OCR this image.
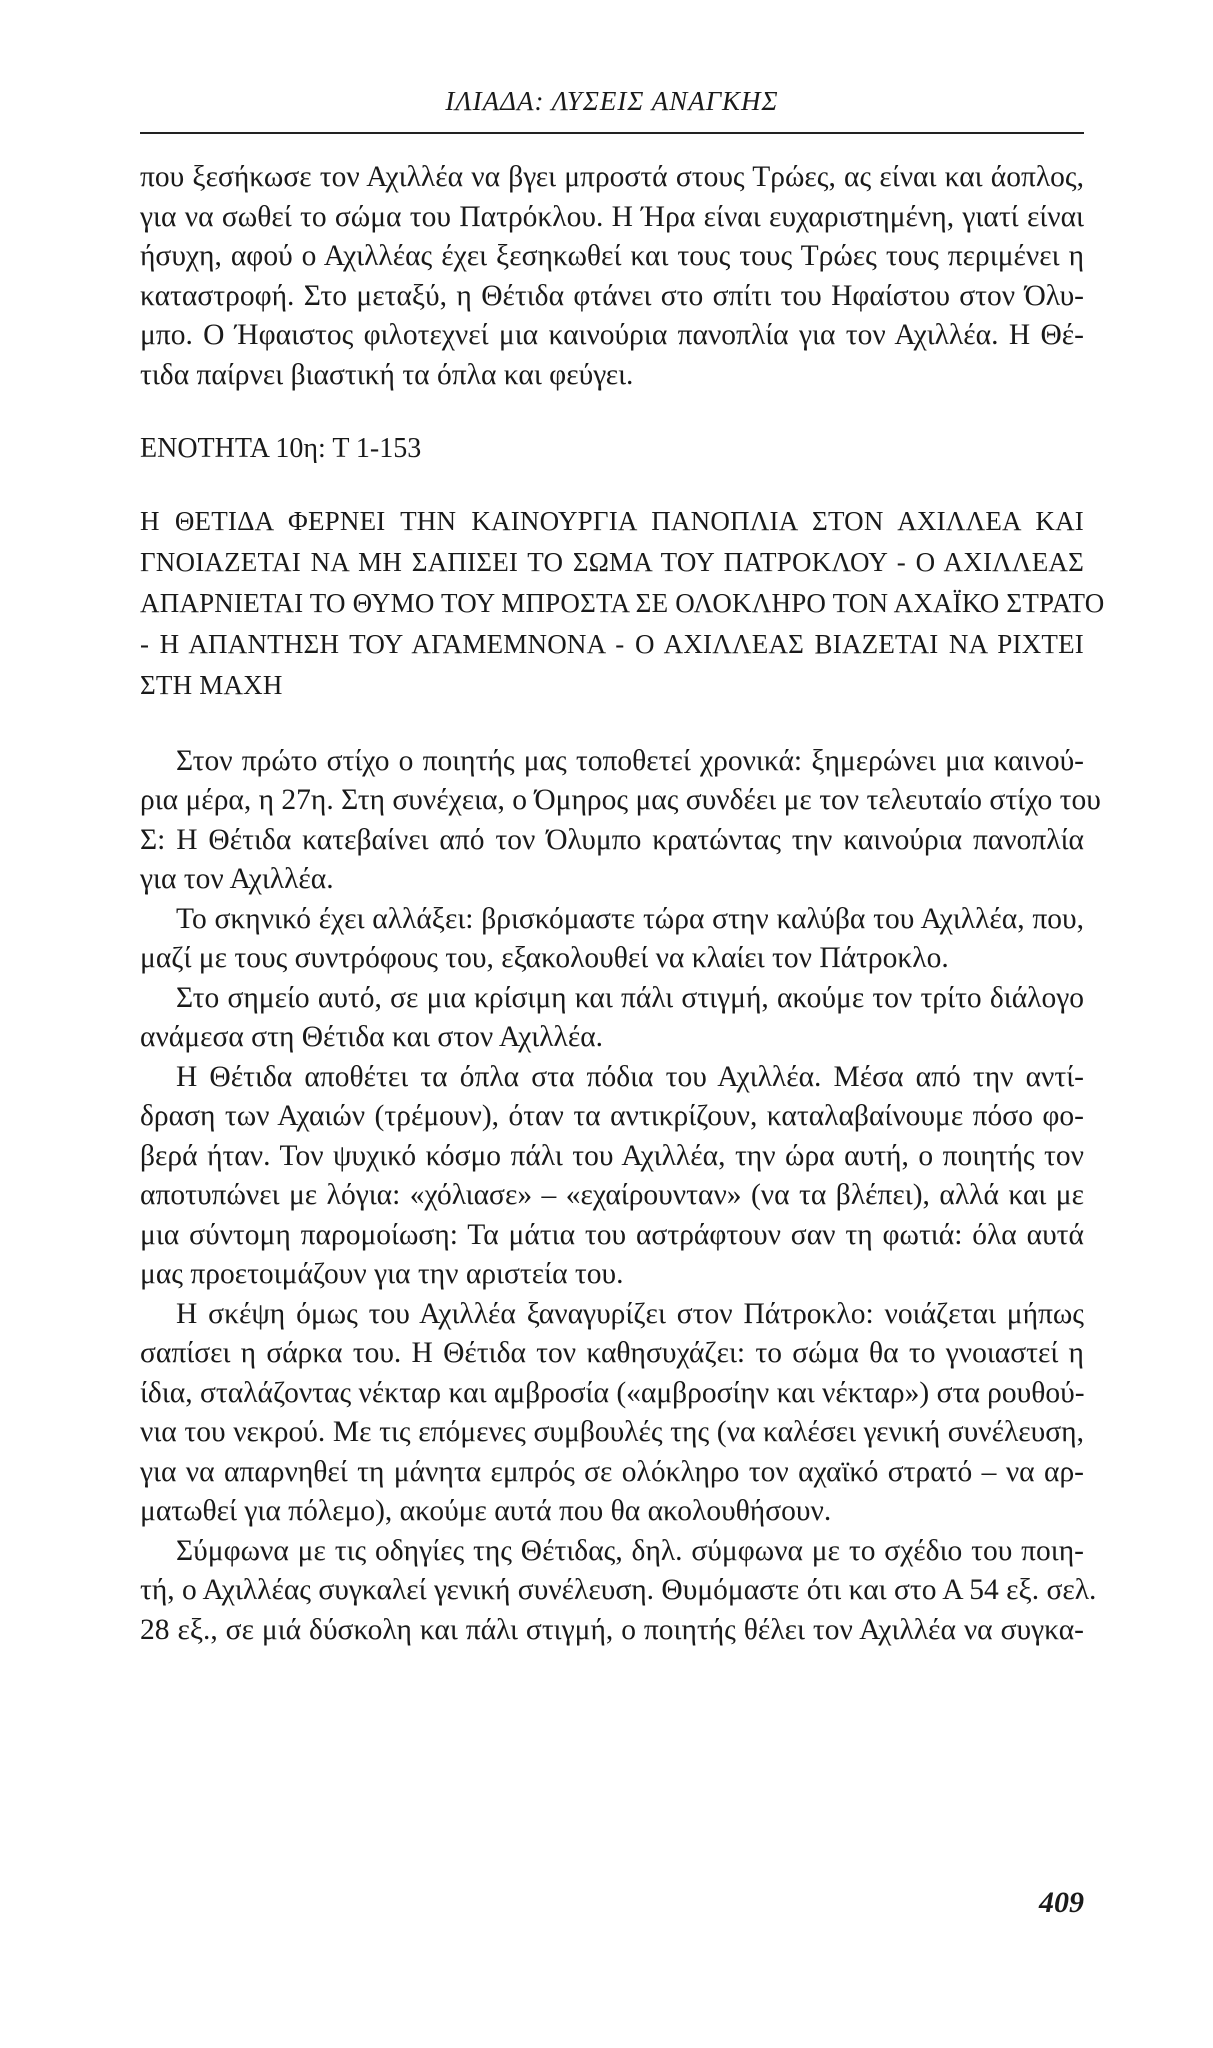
ΙΛΙΑΔΑ: ΛΥΣΕΙΣ ΑΝΑΓΚΗΣ
που ξεσήκωσε τον Αχιλλέα να βγει μπροστά στους Τρώες, ας είναι και άοπλος,
για να σωθεί το σώμα του Πατρόκλου. Η Ήρα είναι ευχαριστημένη, γιατί είναι
ήσυχη, αφού ο Αχιλλέας έχει ξεσηκωθεί και τους τους Τρώες τους περιμένει η
καταστροφή. Στο μεταξύ, η Θέτιδα φτάνει στο σπίτι του Ηφαίστου στον Όλυ-
μπο. Ο Ήφαιστος φιλοτεχνεί μια καινούρια πανοπλία για τον Αχιλλέα. Η Θέ-
τιδα παίρνει βιαστική τα όπλα και φεύγει.
ΕΝΟΤΗΤΑ 10η: Τ 1-153
Η ΘΕΤΙΔΑ ΦΕΡΝΕΙ ΤΗΝ ΚΑΙΝΟΥΡΓΙΑ ΠΑΝΟΠΛΙΑ ΣΤΟΝ ΑΧΙΛΛΕΑ ΚΑΙ
ΓΝΟΙΑΖΕΤΑΙ ΝΑ ΜΗ ΣΑΠΙΣΕΙ ΤΟ ΣΩΜΑ ΤΟΥ ΠΑΤΡΟΚΛΟΥ - Ο ΑΧΙΛΛΕΑΣ
ΑΠΑΡΝΙΕΤΑΙ ΤΟ ΘΥΜΟ ΤΟΥ ΜΠΡΟΣΤΑ ΣΕ ΟΛΟΚΛΗΡΟ ΤΟΝ ΑΧΑΪΚΟ ΣΤΡΑΤΟ
- Η ΑΠΑΝΤΗΣΗ ΤΟΥ ΑΓΑΜΕΜΝΟΝΑ - Ο ΑΧΙΛΛΕΑΣ ΒΙΑΖΕΤΑΙ ΝΑ ΡΙΧΤΕΙ
ΣΤΗ ΜΑΧΗ
Στον πρώτο στίχο ο ποιητής μας τοποθετεί χρονικά: ξημερώνει μια καινού-
ρια μέρα, η 27η. Στη συνέχεια, ο Όμηρος μας συνδέει με τον τελευταίο στίχο του
Σ: Η Θέτιδα κατεβαίνει από τον Όλυμπο κρατώντας την καινούρια πανοπλία
για τον Αχιλλέα.
Το σκηνικό έχει αλλάξει: βρισκόμαστε τώρα στην καλύβα του Αχιλλέα, που,
μαζί με τους συντρόφους του, εξακολουθεί να κλαίει τον Πάτροκλο.
Στο σημείο αυτό, σε μια κρίσιμη και πάλι στιγμή, ακούμε τον τρίτο διάλογο
ανάμεσα στη Θέτιδα και στον Αχιλλέα.
Η Θέτιδα αποθέτει τα όπλα στα πόδια του Αχιλλέα. Μέσα από την αντί-
δραση των Αχαιών (τρέμουν), όταν τα αντικρίζουν, καταλαβαίνουμε πόσο φο-
βερά ήταν. Τον ψυχικό κόσμο πάλι του Αχιλλέα, την ώρα αυτή, ο ποιητής τον
αποτυπώνει με λόγια: «χόλιασε» – «εχαίρουνταν» (να τα βλέπει), αλλά και με
μια σύντομη παρομοίωση: Τα μάτια του αστράφτουν σαν τη φωτιά: όλα αυτά
μας προετοιμάζουν για την αριστεία του.
Η σκέψη όμως του Αχιλλέα ξαναγυρίζει στον Πάτροκλο: νοιάζεται μήπως
σαπίσει η σάρκα του. Η Θέτιδα τον καθησυχάζει: το σώμα θα το γνοιαστεί η
ίδια, σταλάζοντας νέκταρ και αμβροσία («αμβροσίην και νέκταρ») στα ρουθού-
νια του νεκρού. Με τις επόμενες συμβουλές της (να καλέσει γενική συνέλευση,
για να απαρνηθεί τη μάνητα εμπρός σε ολόκληρο τον αχαϊκό στρατό – να αρ-
ματωθεί για πόλεμο), ακούμε αυτά που θα ακολουθήσουν.
Σύμφωνα με τις οδηγίες της Θέτιδας, δηλ. σύμφωνα με το σχέδιο του ποιη-
τή, ο Αχιλλέας συγκαλεί γενική συνέλευση. Θυμόμαστε ότι και στο Α 54 εξ. σελ.
28 εξ., σε μιά δύσκολη και πάλι στιγμή, ο ποιητής θέλει τον Αχιλλέα να συγκα-
409
